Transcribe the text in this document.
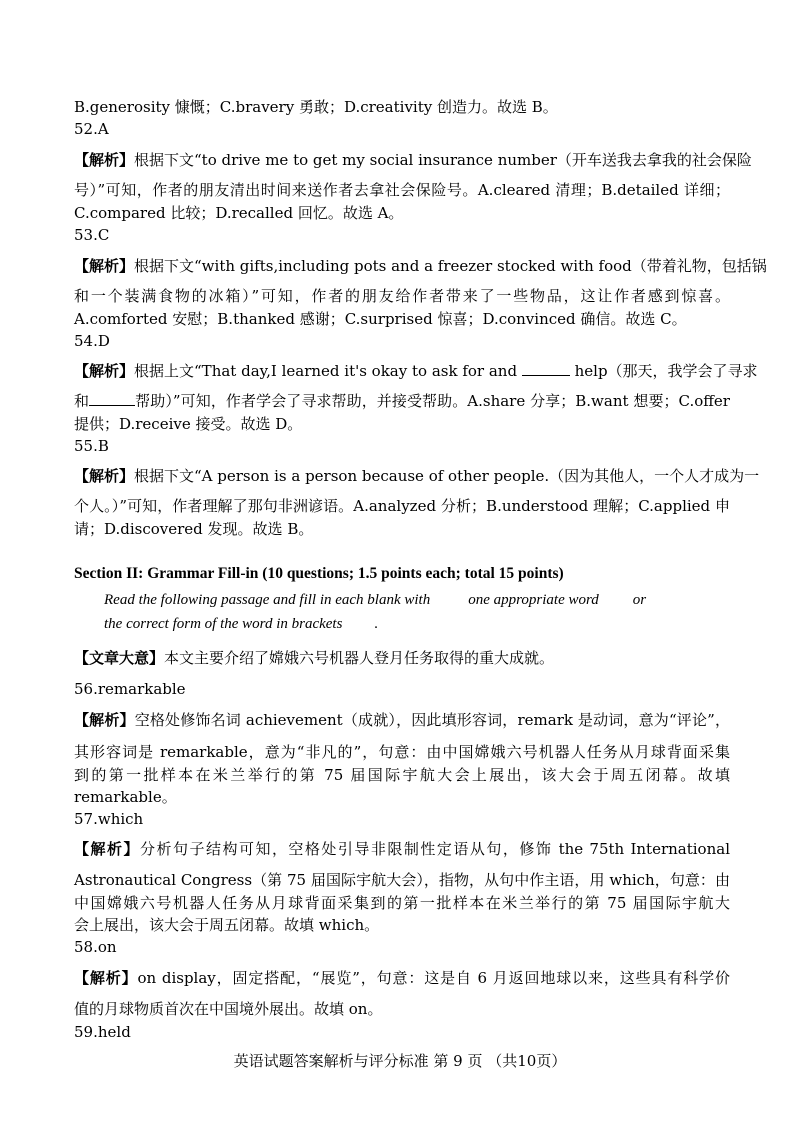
B.generosity 慷慨；C.bravery 勇敢；D.creativity 创造力。故选 B。
52.A
【解析】根据下文“to drive me to get my social insurance number（开车送我去拿我的社会保险
号）”可知，作者的朋友清出时间来送作者去拿社会保险号。A.cleared 清理；B.detailed 详细；
C.compared 比较；D.recalled 回忆。故选 A。
53.C
【解析】根据下文“with gifts,including pots and a freezer stocked with food（带着礼物，包括锅
和一个装满食物的冰箱）”可知，作者的朋友给作者带来了一些物品，这让作者感到惊喜。
A.comforted 安慰；B.thanked 感谢；C.surprised 惊喜；D.convinced 确信。故选 C。
54.D
【解析】根据上文“That day,I learned it's okay to ask for and	help（那天，我学会了寻求
和	帮助）”可知，作者学会了寻求帮助，并接受帮助。A.share 分享；B.want 想要；C.offer
提供；D.receive 接受。故选 D。
55.B
【解析】根据下文“A person is a person because of other people.（因为其他人，一个人才成为一
个人。）”可知，作者理解了那句非洲谚语。A.analyzed 分析；B.understood 理解；C.applied 申
请；D.discovered 发现。故选 B。
Section II: Grammar Fill-in (10 questions; 1.5 points each; total 15 points)
Read the following passage and fill in each blank with	one appropriate word or
the correct form of the word in brackets .
【文章大意】本文主要介绍了嫦娥六号机器人登月任务取得的重大成就。
56.remarkable
【解析】空格处修饰名词 achievement（成就），因此填形容词，remark 是动词，意为“评论”，
其形容词是 remarkable，意为“非凡的”，句意：由中国嫦娥六号机器人任务从月球背面采集
到的第一批样本在米兰举行的第 75 届国际宇航大会上展出，该大会于周五闭幕。故填
remarkable。
57.which
【解析】分析句子结构可知，空格处引导非限制性定语从句，修饰 the 75th International
Astronautical Congress（第 75 届国际宇航大会），指物，从句中作主语，用 which，句意：由
中国嫦娥六号机器人任务从月球背面采集到的第一批样本在米兰举行的第 75 届国际宇航大
会上展出，该大会于周五闭幕。故填 which。
58.on
【解析】on display，固定搭配，“展览”，句意：这是自 6 月返回地球以来，这些具有科学价
值的月球物质首次在中国境外展出。故填 on。
59.held
英语试题答案解析与评分标准 第 9 页 （共10页）
